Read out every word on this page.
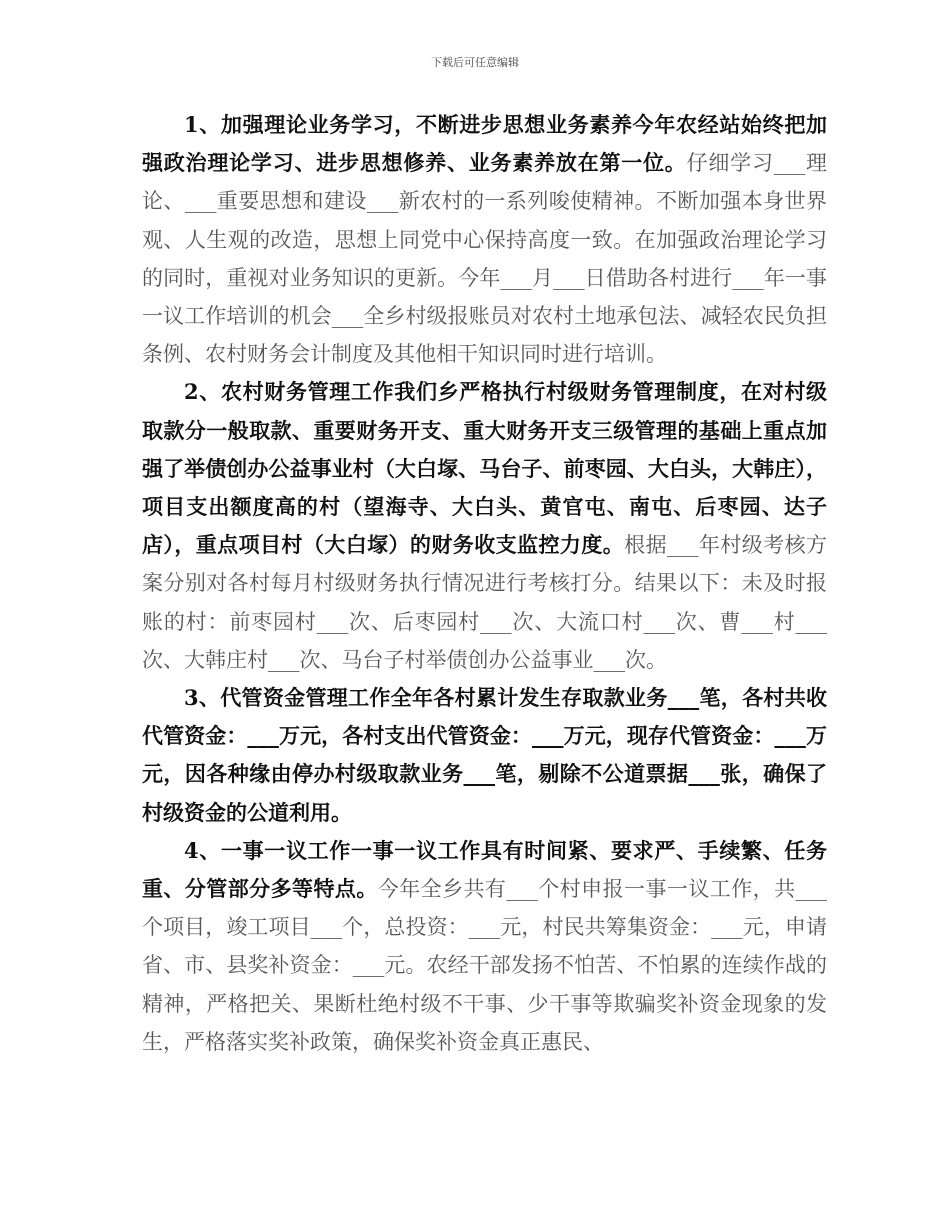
下载后可任意编辑

1、加强理论业务学习，不断进步思想业务素养今年农经站始终把加强政治理论学习、进步思想修养、业务素养放在第一位。仔细学习___理论、___重要思想和建设___新农村的一系列唆使精神。不断加强本身世界观、人生观的改造，思想上同党中心保持高度一致。在加强政治理论学习的同时，重视对业务知识的更新。今年___月___日借助各村进行___年一事一议工作培训的机会___全乡村级报账员对农村土地承包法、减轻农民负担条例、农村财务会计制度及其他相干知识同时进行培训。

2、农村财务管理工作我们乡严格执行村级财务管理制度，在对村级取款分一般取款、重要财务开支、重大财务开支三级管理的基础上重点加强了举债创办公益事业村（大白塜、马台子、前枣园、大白头，大韩庄），项目支出额度高的村（望海寺、大白头、黄官屯、南屯、后枣园、达子店），重点项目村（大白塜）的财务收支监控力度。根据___年村级考核方案分别对各村每月村级财务执行情况进行考核打分。结果以下：未及时报账的村：前枣园村___次、后枣园村___次、大流口村___次、曹___村___次、大韩庄村___次、马台子村举债创办公益事业___次。

3、代管资金管理工作全年各村累计发生存取款业务___笔，各村共收代管资金：___万元，各村支出代管资金：___万元，现存代管资金：___万元，因各种缘由停办村级取款业务___笔，剔除不公道票据___张，确保了村级资金的公道利用。

4、一事一议工作一事一议工作具有时间紧、要求严、手续繁、任务重、分管部分多等特点。今年全乡共有___个村申报一事一议工作，共___个项目，竣工项目___个，总投资：___元，村民共筹集资金：___元，申请省、市、县奖补资金：___元。农经干部发扬不怕苦、不怕累的连续作战的精神，严格把关、果断杜绝村级不干事、少干事等欺骗奖补资金现象的发生，严格落实奖补政策，确保奖补资金真正惠民、
